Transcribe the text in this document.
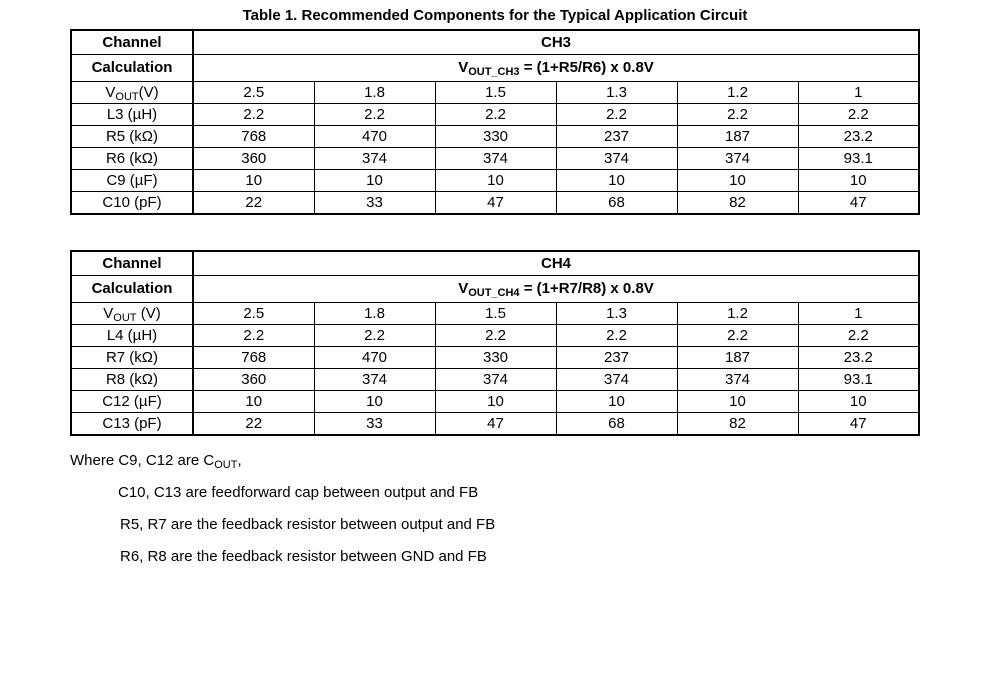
Table 1. Recommended Components for the Typical Application Circuit
Channel	CH3					
Calculation	$V_{OUT\_CH3} = (1+R5/R6)$ x 0.8V					
$V_{OUT}(V)$	2.5	1.8	1.5	1.3	1.2	1
L3 (µH)	2.2	2.2	2.2	2.2	2.2	2.2
R5 (kΩ)	768	470	330	237	187	23.2
R6 (kΩ)	360	374	374	374	374	93.1
C9 (µF)	10	10	10	10	10	10
C10 (pF)	22	33	47	68	82	47
Channel	CH4					
Calculation	$V_{OUT\_CH4} = (1+R7/R8)$ x 0.8V					
$V_{OUT}$ (V)	2.5	1.8	1.5	1.3	1.2	1
L4 (µH)	2.2	2.2	2.2	2.2	2.2	2.2
R7 (kΩ)	768	470	330	237	187	23.2
R8 (kΩ)	360	374	374	374	374	93.1
C12 (µF)	10	10	10	10	10	10
C13 (pF)	22	33	47	68	82	47
Where C9, C12 are $C_{OUT}$,
C10, C13 are feedforward cap between output and FB
R5, R7 are the feedback resistor between output and FB
R6, R8 are the feedback resistor between GND and FB
